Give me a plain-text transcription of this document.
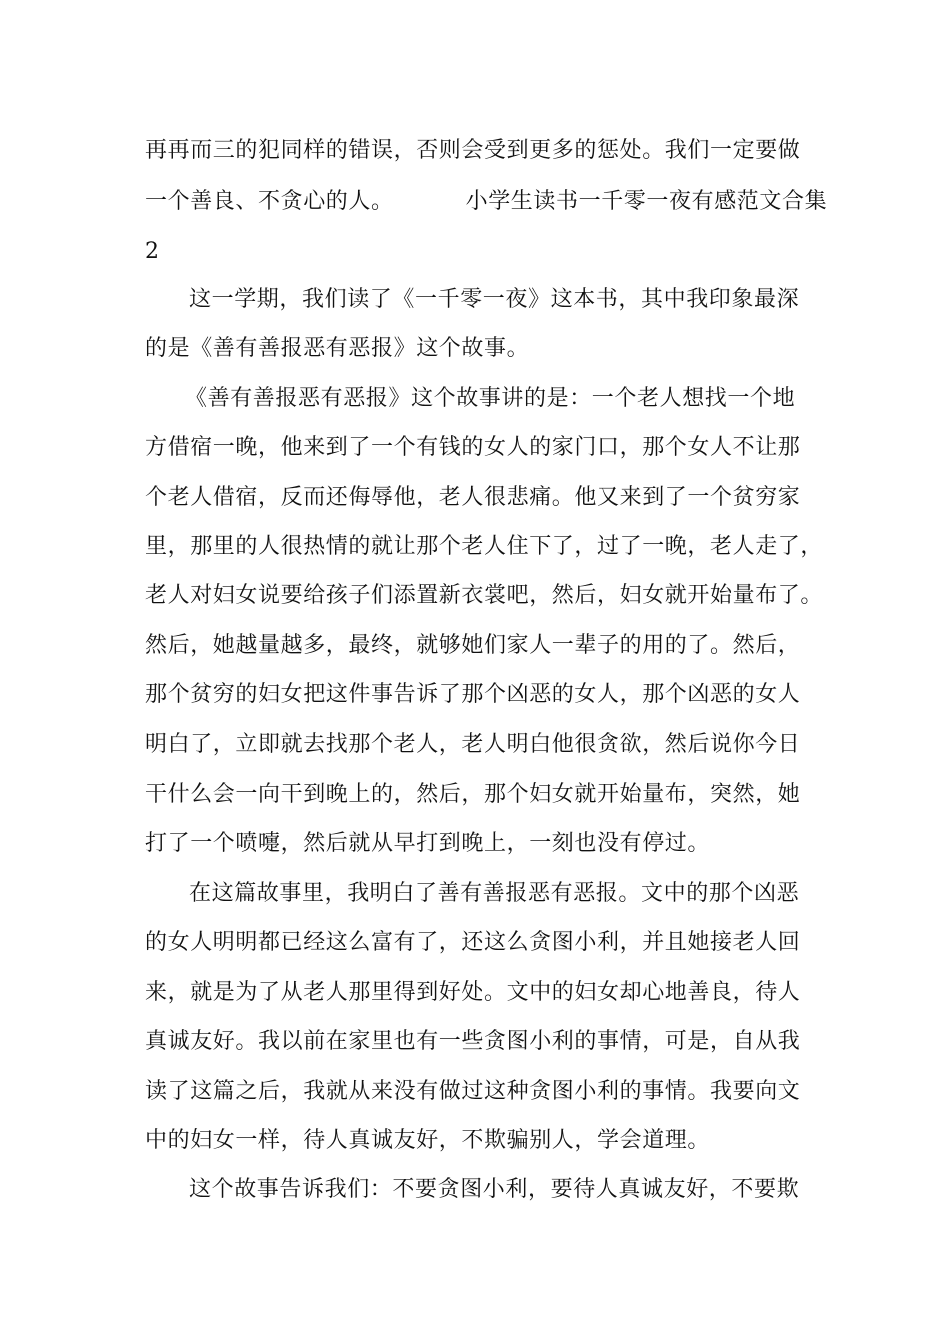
再再而三的犯同样的错误，否则会受到更多的惩处。我们一定要做
一个善良、不贪心的人。	小学生读书一千零一夜有感范文合集
2
这一学期，我们读了《一千零一夜》这本书，其中我印象最深
的是《善有善报恶有恶报》这个故事。
《善有善报恶有恶报》这个故事讲的是：一个老人想找一个地
方借宿一晚，他来到了一个有钱的女人的家门口，那个女人不让那
个老人借宿，反而还侮辱他，老人很悲痛。他又来到了一个贫穷家
里，那里的人很热情的就让那个老人住下了，过了一晚，老人走了，
老人对妇女说要给孩子们添置新衣裳吧，然后，妇女就开始量布了。
然后，她越量越多，最终，就够她们家人一辈子的用的了。然后，
那个贫穷的妇女把这件事告诉了那个凶恶的女人，那个凶恶的女人
明白了，立即就去找那个老人，老人明白他很贪欲，然后说你今日
干什么会一向干到晚上的，然后，那个妇女就开始量布，突然，她
打了一个喷嚏，然后就从早打到晚上，一刻也没有停过。
在这篇故事里，我明白了善有善报恶有恶报。文中的那个凶恶
的女人明明都已经这么富有了，还这么贪图小利，并且她接老人回
来，就是为了从老人那里得到好处。文中的妇女却心地善良，待人
真诚友好。我以前在家里也有一些贪图小利的事情，可是，自从我
读了这篇之后，我就从来没有做过这种贪图小利的事情。我要向文
中的妇女一样，待人真诚友好，不欺骗别人，学会道理。
这个故事告诉我们：不要贪图小利，要待人真诚友好，不要欺
